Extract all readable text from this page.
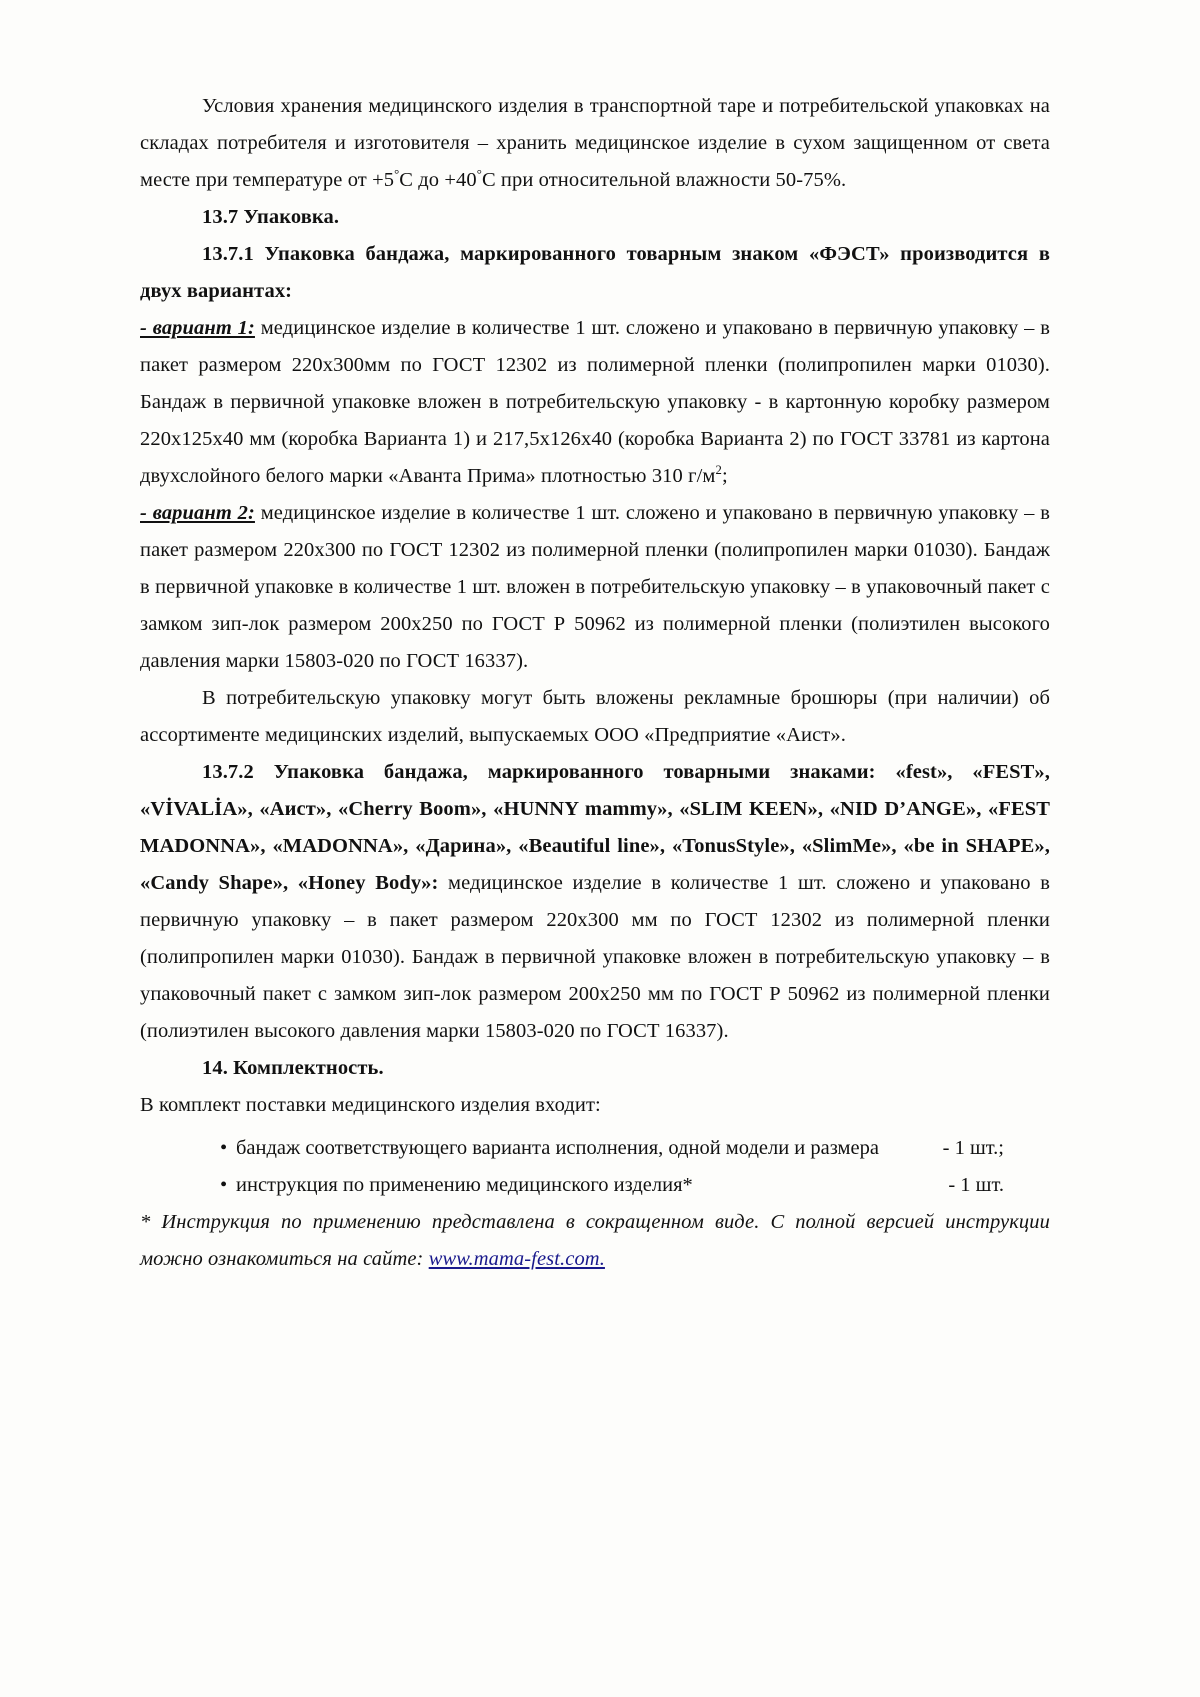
Условия хранения медицинского изделия в транспортной таре и потребительской упаковках на складах потребителя и изготовителя – хранить медицинское изделие в сухом защищенном от света месте при температуре от +5°С до +40°С при относительной влажности 50-75%.

13.7 Упаковка.

13.7.1 Упаковка бандажа, маркированного товарным знаком «ФЭСТ» производится в двух вариантах:

- вариант 1: медицинское изделие в количестве 1 шт. сложено и упаковано в первичную упаковку – в пакет размером 220х300мм по ГОСТ 12302 из полимерной пленки (полипропилен марки 01030). Бандаж в первичной упаковке вложен в потребительскую упаковку - в картонную коробку размером 220х125х40 мм (коробка Варианта 1) и 217,5х126х40 (коробка Варианта 2) по ГОСТ 33781 из картона двухслойного белого марки «Аванта Прима» плотностью 310 $г/м^2$;

- вариант 2: медицинское изделие в количестве 1 шт. сложено и упаковано в первичную упаковку – в пакет размером 220х300 по ГОСТ 12302 из полимерной пленки (полипропилен марки 01030). Бандаж в первичной упаковке в количестве 1 шт. вложен в потребительскую упаковку – в упаковочный пакет с замком зип-лок размером 200х250 по ГОСТ Р 50962 из полимерной пленки (полиэтилен высокого давления марки 15803-020 по ГОСТ 16337).

В потребительскую упаковку могут быть вложены рекламные брошюры (при наличии) об ассортименте медицинских изделий, выпускаемых ООО «Предприятие «Аист».

13.7.2 Упаковка бандажа, маркированного товарными знаками: «fest», «FEST», «VİVALİA», «Аист», «Cherry Boom», «HUNNY mammy», «SLIM KEEN», «NID D’ANGE», «FEST MADONNA», «MADONNA», «Дарина», «Beautiful line», «TonusStyle», «SlimMe», «be in SHAPE», «Candy Shape», «Honey Body»: медицинское изделие в количестве 1 шт. сложено и упаковано в первичную упаковку – в пакет размером 220х300 мм по ГОСТ 12302 из полимерной пленки (полипропилен марки 01030). Бандаж в первичной упаковке вложен в потребительскую упаковку – в упаковочный пакет с замком зип-лок размером 200х250 мм по ГОСТ Р 50962 из полимерной пленки (полиэтилен высокого давления марки 15803-020 по ГОСТ 16337).

14. Комплектность.

В комплект поставки медицинского изделия входит:

• бандаж соответствующего варианта исполнения, одной модели и размера	- 1 шт.;
• инструкция по применению медицинского изделия*	- 1 шт.

* Инструкция по применению представлена в сокращенном виде. С полной версией инструкции можно ознакомиться на сайте: www.mama-fest.com.
